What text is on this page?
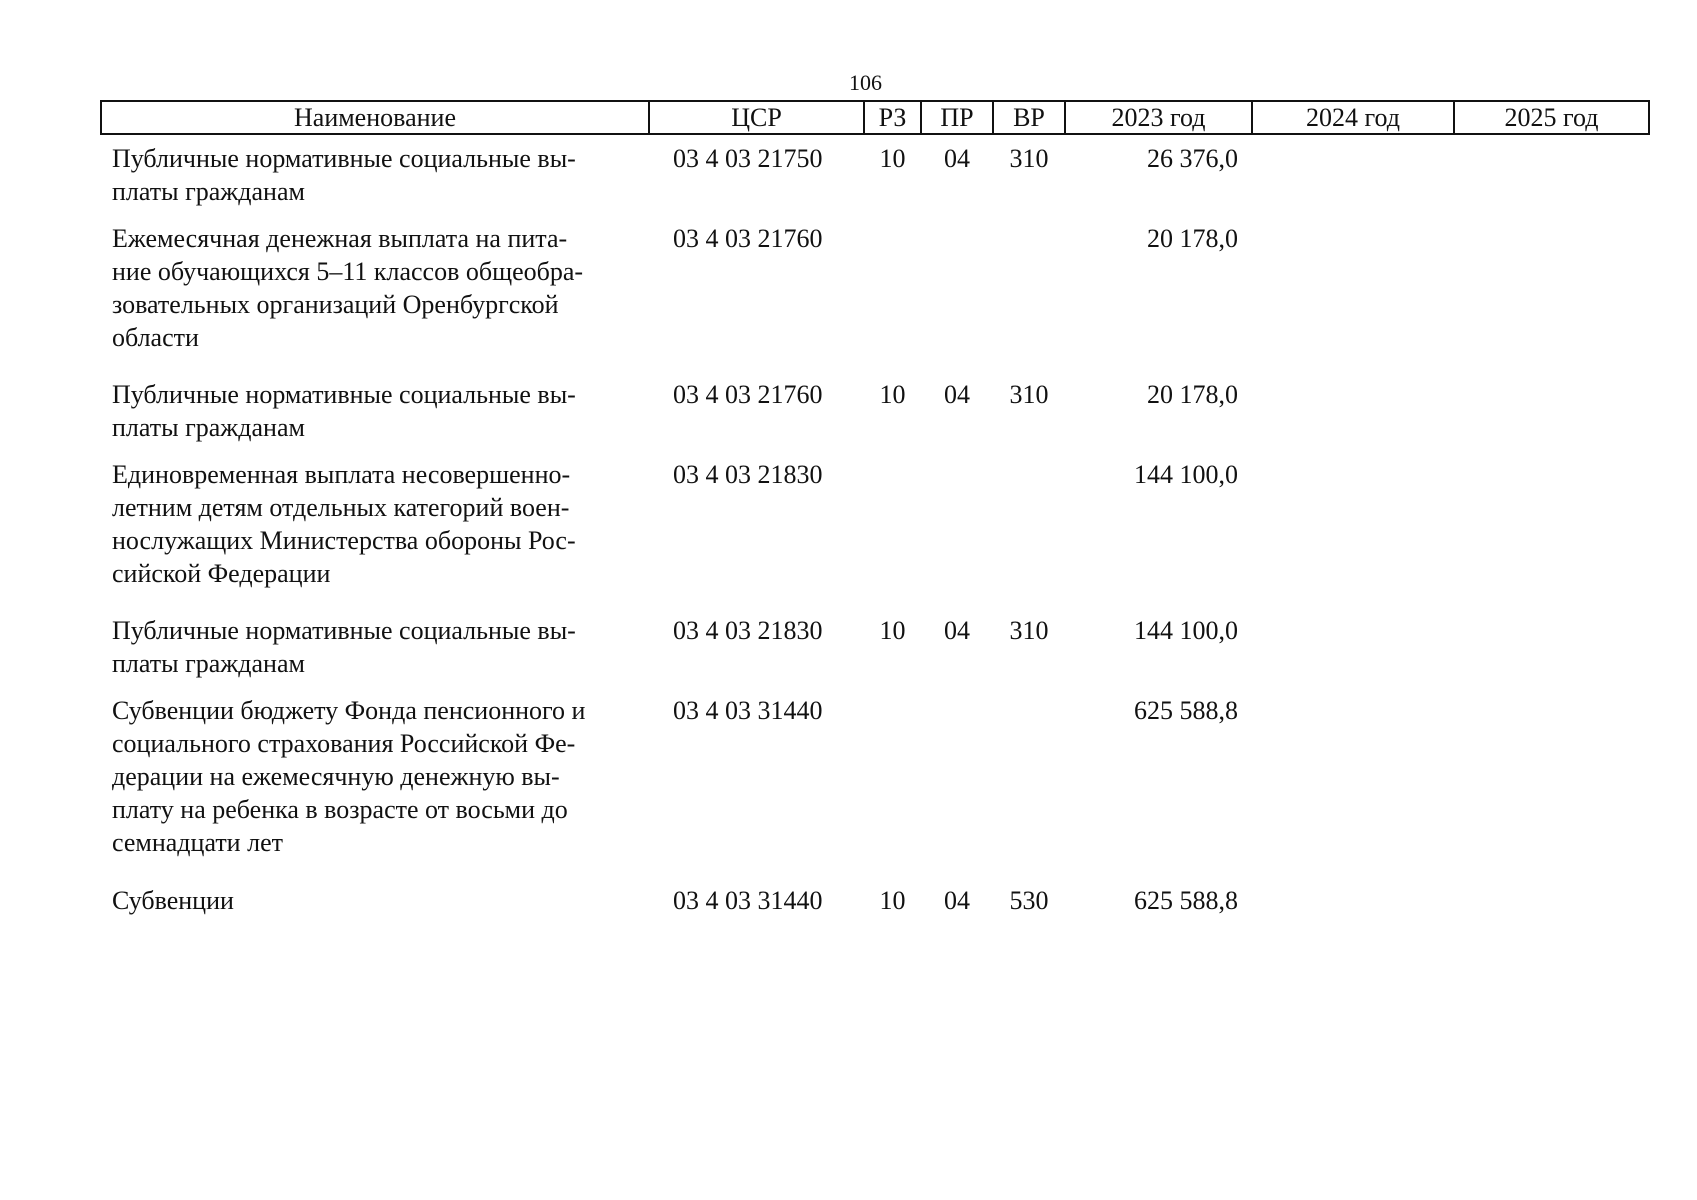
106
Наименование	ЦСР	РЗ	ПР	ВР	2023 год	2024 год	2025 год

Публичные нормативные социальные вы-
платы гражданам	03 4 03 21750	10	04	310	26 376,0		

Ежемесячная денежная выплата на пита-
ние обучающихся 5–11 классов общеобра-
зовательных организаций Оренбургской
области	03 4 03 21760				20 178,0		

Публичные нормативные социальные вы-
платы гражданам	03 4 03 21760	10	04	310	20 178,0		

Единовременная выплата несовершенно-
летним детям отдельных категорий воен-
нослужащих Министерства обороны Рос-
сийской Федерации	03 4 03 21830				144 100,0		

Публичные нормативные социальные вы-
платы гражданам	03 4 03 21830	10	04	310	144 100,0		

Субвенции бюджету Фонда пенсионного и
социального страхования Российской Фе-
дерации на ежемесячную денежную вы-
плату на ребенка в возрасте от восьми до
семнадцати лет	03 4 03 31440				625 588,8		

Субвенции	03 4 03 31440	10	04	530	625 588,8		
